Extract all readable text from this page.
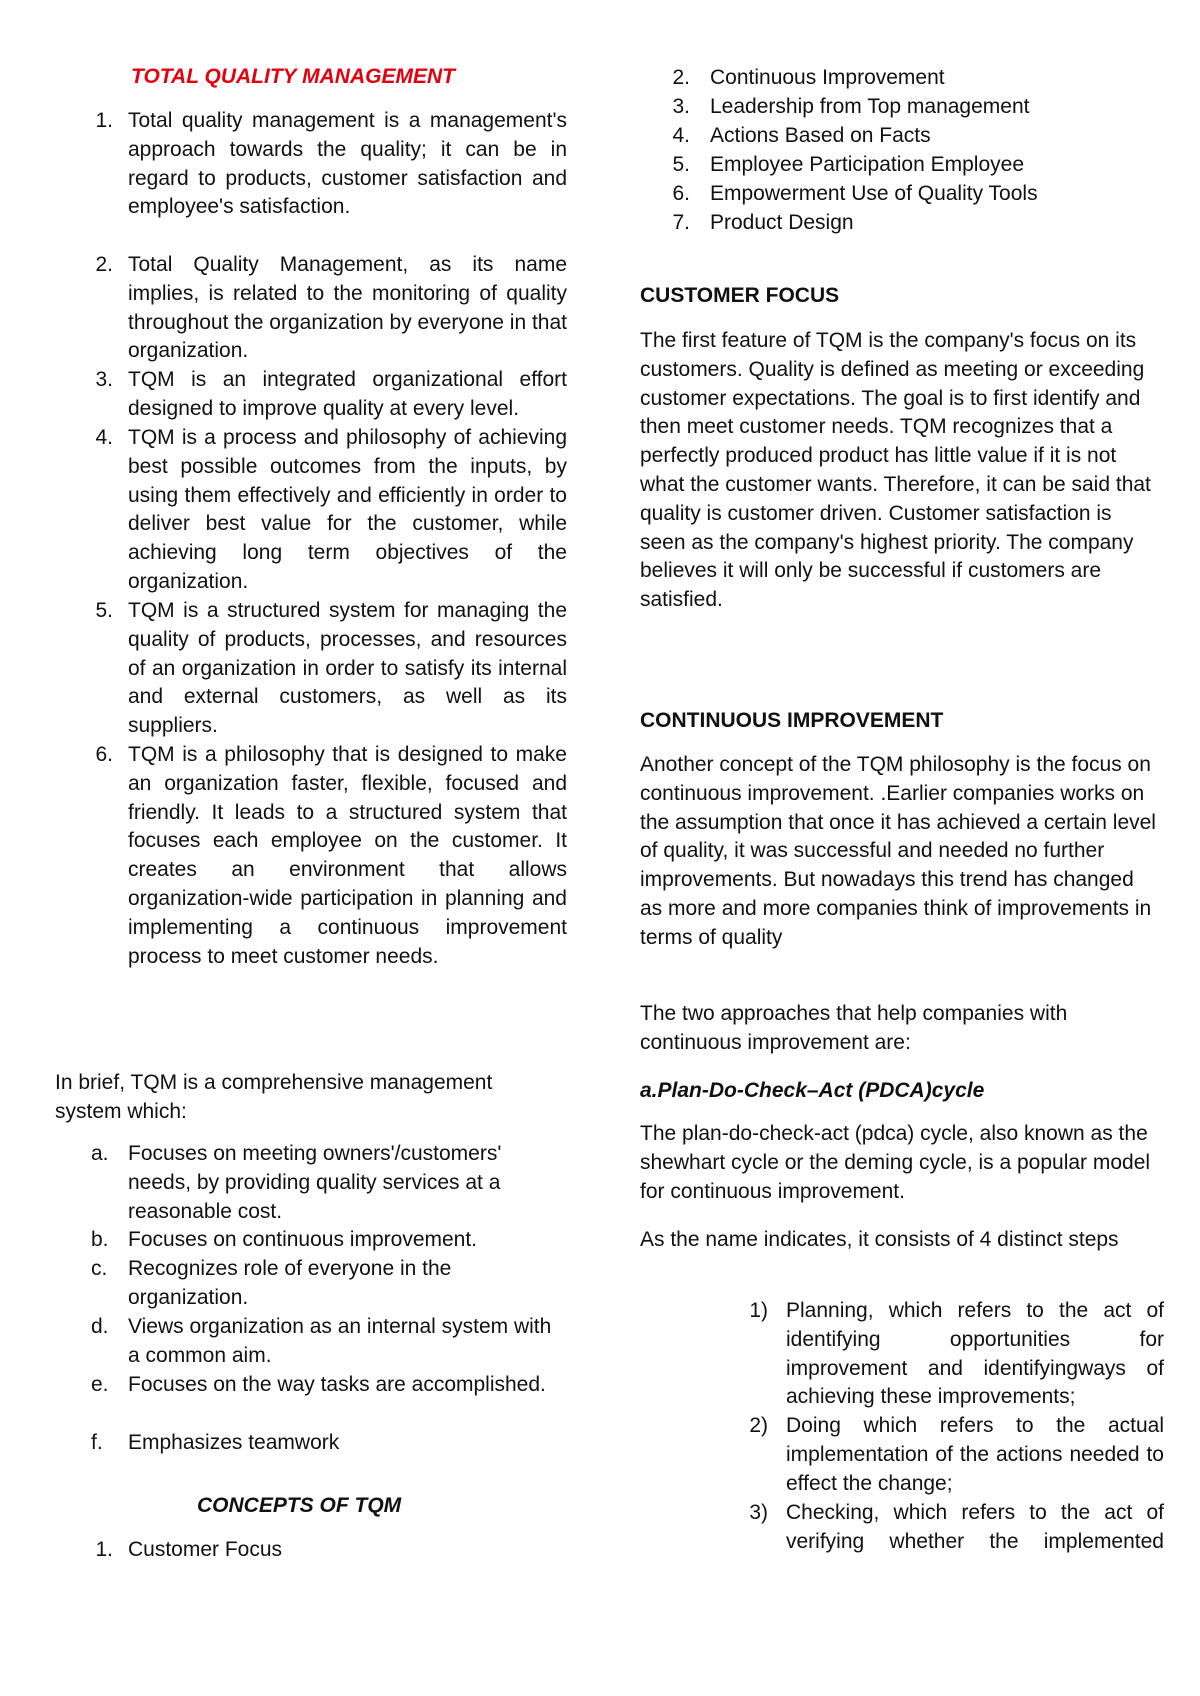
TOTAL QUALITY MANAGEMENT
1. Total quality management is a management's approach towards the quality; it can be in regard to products, customer satisfaction and employee's satisfaction.
2. Total Quality Management, as its name implies, is related to the monitoring of quality throughout the organization by everyone in that organization.
3. TQM is an integrated organizational effort designed to improve quality at every level.
4. TQM is a process and philosophy of achieving best possible outcomes from the inputs, by using them effectively and efficiently in order to deliver best value for the customer, while achieving long term objectives of the organization.
5. TQM is a structured system for managing the quality of products, processes, and resources of an organization in order to satisfy its internal and external customers, as well as its suppliers.
6. TQM is a philosophy that is designed to make an organization faster, flexible, focused and friendly. It leads to a structured system that focuses each employee on the customer. It creates an environment that allows organization-wide participation in planning and implementing a continuous improvement process to meet customer needs.
In brief, TQM is a comprehensive management system which:
a. Focuses on meeting owners'/customers' needs, by providing quality services at a reasonable cost.
b. Focuses on continuous improvement.
c. Recognizes role of everyone in the organization.
d. Views organization as an internal system with a common aim.
e. Focuses on the way tasks are accomplished.
f.	Emphasizes teamwork
CONCEPTS OF TQM
1. Customer Focus
2. Continuous Improvement
3. Leadership from Top management
4. Actions Based on Facts
5. Employee Participation Employee
6. Empowerment Use of Quality Tools
7. Product Design
CUSTOMER FOCUS
The first feature of TQM is the company's focus on its customers. Quality is defined as meeting or exceeding customer expectations. The goal is to first identify and then meet customer needs. TQM recognizes that a perfectly produced product has little value if it is not what the customer wants. Therefore, it can be said that quality is customer driven. Customer satisfaction is seen as the company's highest priority. The company believes it will only be successful if customers are satisfied.
CONTINUOUS IMPROVEMENT
Another concept of the TQM philosophy is the focus on continuous improvement. .Earlier companies works on the assumption that once it has achieved a certain level of quality, it was successful and needed no further improvements. But nowadays this trend has changed as more and more companies think of improvements in terms of quality
The two approaches that help companies with continuous improvement are:
a.Plan-Do-Check–Act (PDCA)cycle
The plan-do-check-act (pdca) cycle, also known as the shewhart cycle or the deming cycle, is a popular model for continuous improvement.
As the name indicates, it consists of 4 distinct steps
1) Planning, which refers to the act of identifying opportunities for improvement and identifyingways of achieving these improvements;
2) Doing which refers to the actual implementation of the actions needed to effect the change;
3) Checking, which refers to the act of verifying whether the implemented
